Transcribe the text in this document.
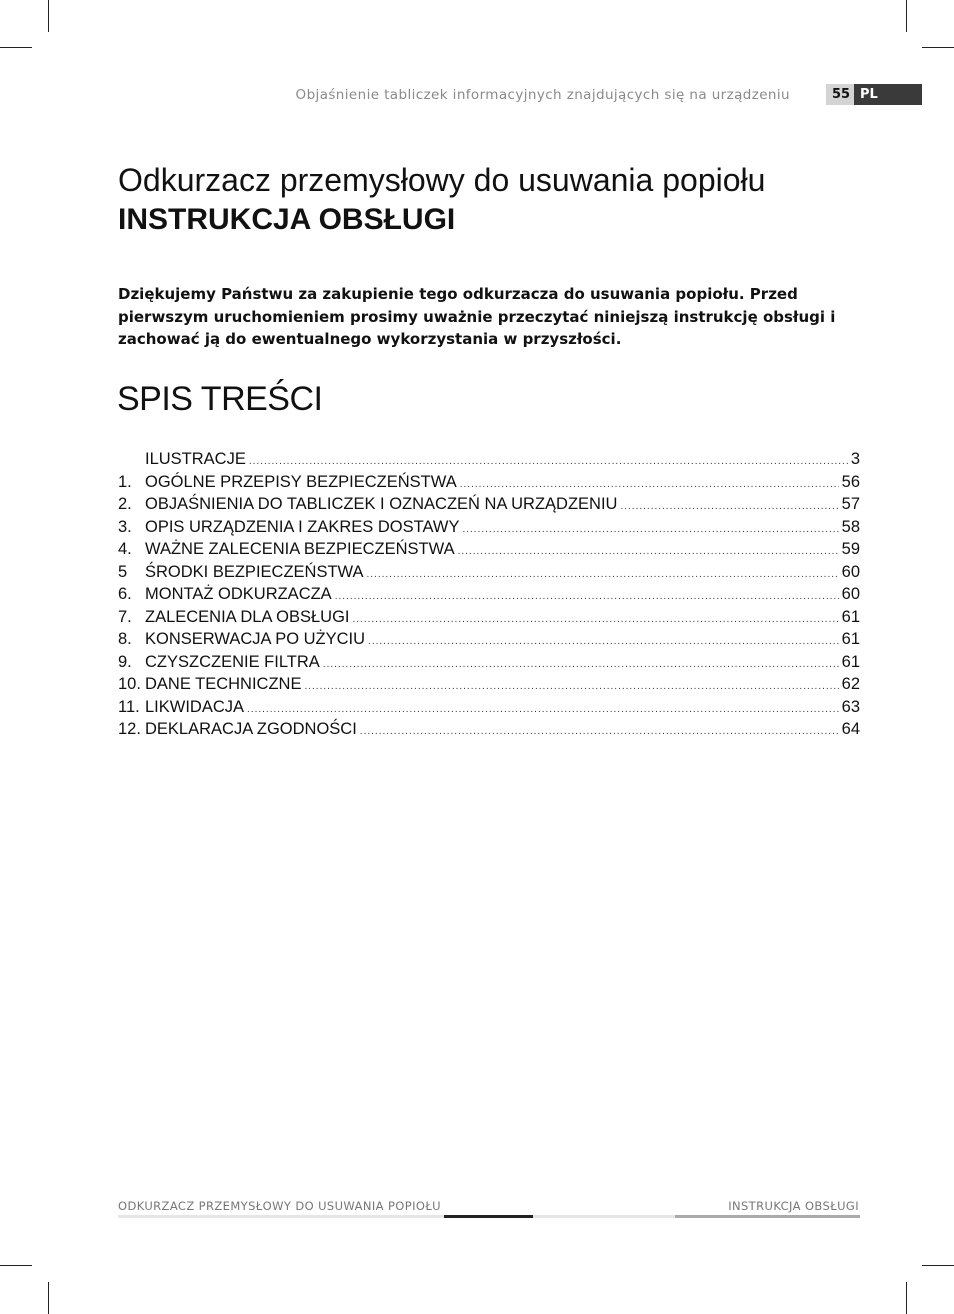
Objaśnienie tabliczek informacyjnych znajdujących się na urządzeniu	55 PL
Odkurzacz przemysłowy do usuwania popiołu
INSTRUKCJA OBSŁUGI

Dziękujemy Państwu za zakupienie tego odkurzacza do usuwania popiołu. Przed pierwszym uruchomieniem prosimy uważnie przeczytać niniejszą instrukcję obsługi i zachować ją do ewentualnego wykorzystania w przyszłości.

SPIS TREŚCI
ILUSTRACJE .....	3
1. OGÓLNE PRZEPISY BEZPIECZEŃSTWA .....	56
2. OBJAŚNIENIA DO TABLICZEK I OZNACZEŃ NA URZĄDZENIU .....	57
3. OPIS URZĄDZENIA I ZAKRES DOSTAWY .....	58
4. WAŻNE ZALECENIA BEZPIECZEŃSTWA .....	59
5	ŚRODKI BEZPIECZEŃSTWA .....	60
6. MONTAŻ ODKURZACZA .....	60
7. ZALECENIA DLA OBSŁUGI .....	61
8. KONSERWACJA PO UŻYCIU .....	61
9. CZYSZCZENIE FILTRA .....	61
10. DANE TECHNICZNE .....	62
11. LIKWIDACJA .....	63
12. DEKLARACJA ZGODNOŚCI .....	64
ODKURZACZ PRZEMYSŁOWY DO USUWANIA POPIOŁU	INSTRUKCJA OBSŁUGI
